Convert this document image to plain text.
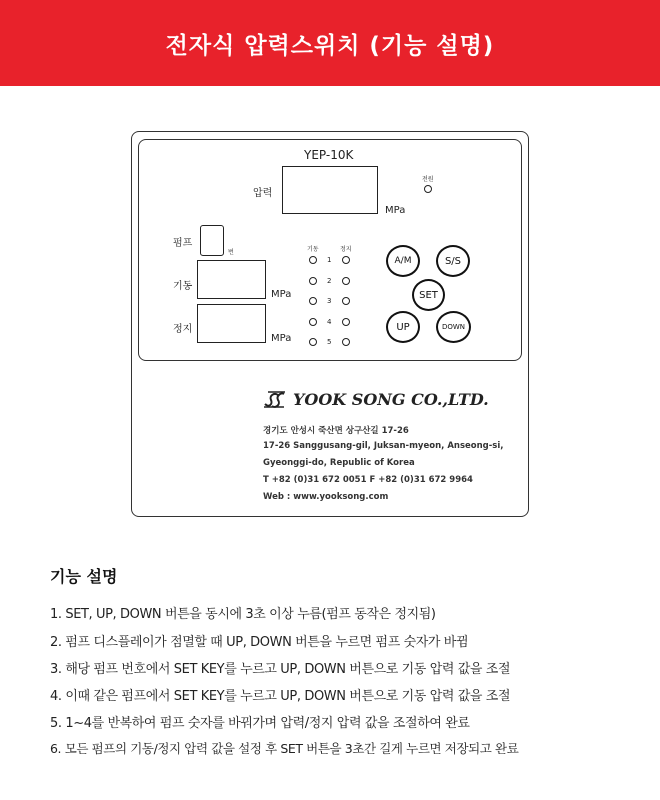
전자식 압력스위치 (기능 설명)
YEP-10K
압력
MPa
전원
펌프
번
기동
MPa
정지
MPa
기동	정지
1
2
3
4
5
A/M	S/S
SET
UP	DOWN
YOOK SONG CO.,LTD.
경기도 안성시 죽산면 상구산길 17-26
17-26 Sanggusang-gil, Juksan-myeon, Anseong-si,
Gyeonggi-do, Republic of Korea
T +82 (0)31 672 0051 F +82 (0)31 672 9964
Web : www.yooksong.com
기능 설명
1. SET, UP, DOWN 버튼을 동시에 3초 이상 누름(펌프 동작은 정지됨)
2. 펌프 디스플레이가 점멸할 때 UP, DOWN 버튼을 누르면 펌프 숫자가 바뀜
3. 해당 펌프 번호에서 SET KEY를 누르고 UP, DOWN 버튼으로 기동 압력 값을 조절
4. 이때 같은 펌프에서 SET KEY를 누르고 UP, DOWN 버튼으로 기동 압력 값을 조절
5. 1~4를 반복하여 펌프 숫자를 바꿔가며 압력/정지 압력 값을 조절하여 완료
6. 모든 펌프의 기동/정지 압력 값을 설정 후 SET 버튼을 3초간 길게 누르면 저장되고 완료
